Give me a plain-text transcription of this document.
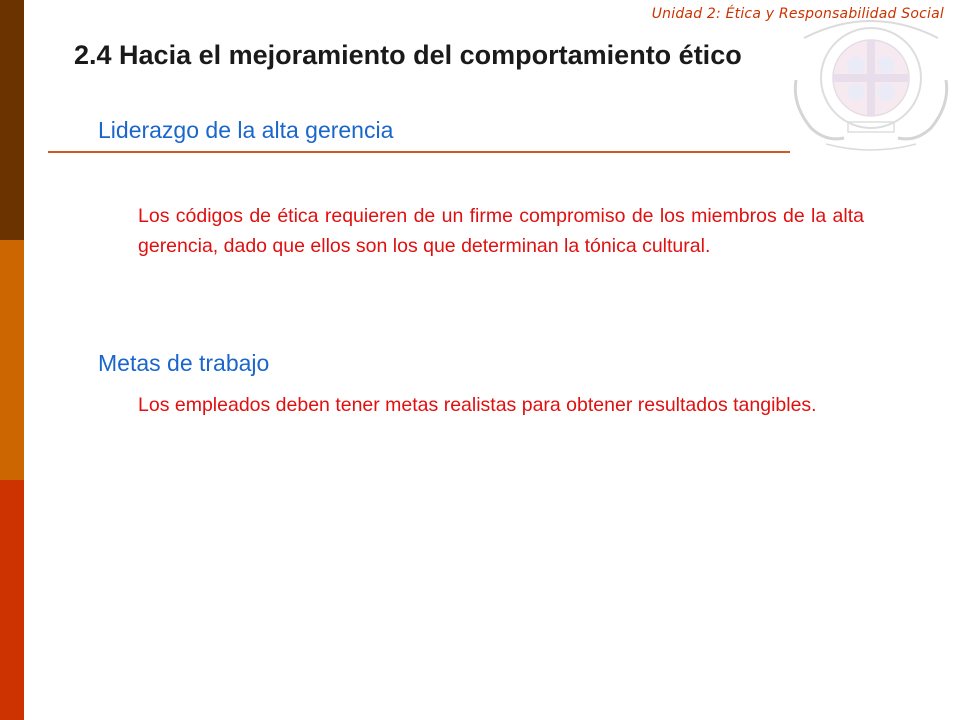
Unidad 2: Ética y Responsabilidad Social
2.4 Hacia el mejoramiento del comportamiento ético
Liderazgo de la alta gerencia

Los códigos de ética requieren de un firme compromiso de los miembros de la alta gerencia, dado que ellos son los que determinan la tónica cultural.

Metas de trabajo

Los empleados deben tener metas realistas para obtener resultados tangibles.
